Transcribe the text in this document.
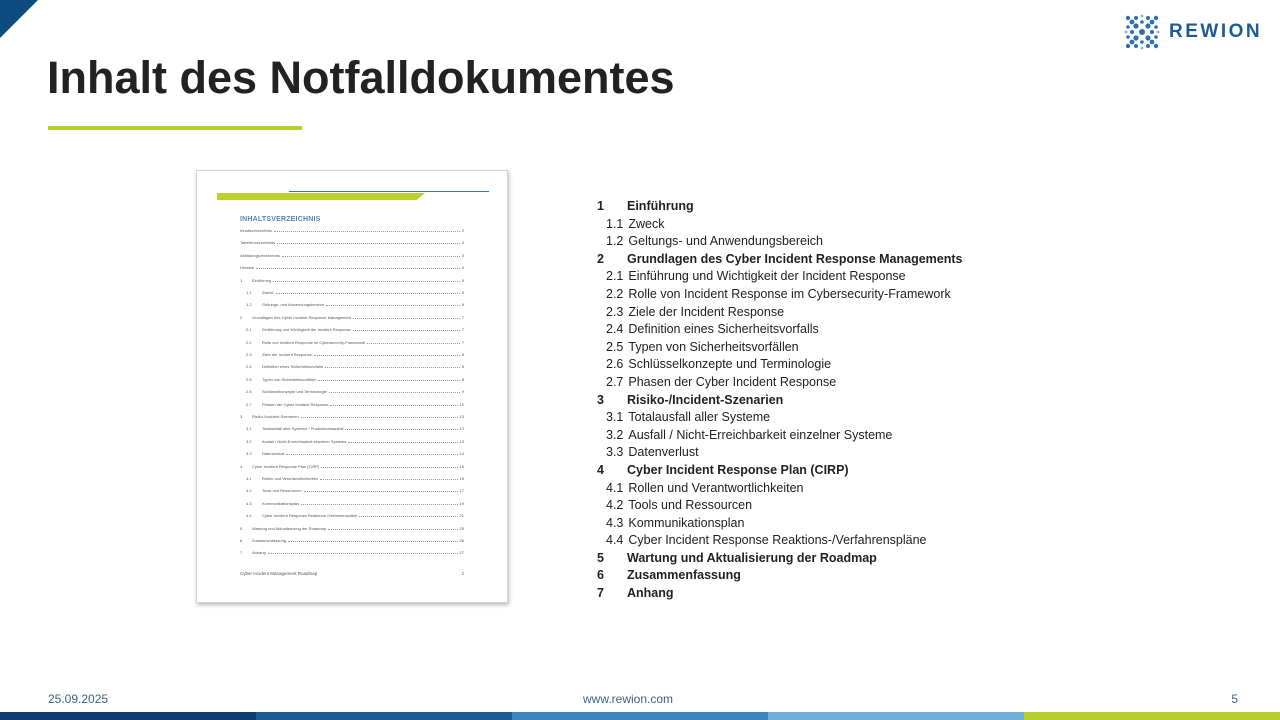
REWION
Inhalt des Notfalldokumentes
INHALTSVERZEICHNIS
Inhaltsverzeichnis	2
Tabellenverzeichnis	3
Abbildungsverzeichnis	3
Hinweis	4
1	Einführung	5
1.1	Zweck	5
1.2	Geltungs- und Anwendungsbereich	6
2	Grundlagen des Cyber Incident Response Management	7
2.1	Einführung und Wichtigkeit der Incident Response	7
2.2	Rolle von Incident Response im Cybersecurity-Framework	7
2.3	Ziele der Incident Response	8
2.4	Definition eines Sicherheitsvorfalls	8
2.5	Typen von Sicherheitsvorfällen	8
2.6	Schlüsselkonzepte und Terminologie	9
2.7	Phasen der Cyber Incident Response	10
3	Risiko-/Incident-Szenarien	13
3.1	Totalausfall aller Systeme / Produktionsausfall	13
3.2	Ausfall / Nicht-Erreichbarkeit einzelner Systeme	13
3.3	Datenverlust	14
4	Cyber Incident Response Plan (CIRP)	15
4.1	Rollen und Verantwortlichkeiten	15
4.2	Tools und Ressourcen	17
4.3	Kommunikationsplan	19
4.4	Cyber Incident Response Reaktions-/Verfahrenspläne	21
5	Wartung und Aktualisierung der Roadmap	25
6	Zusammenfassung	26
7	Anhang	27
Cyber Incident Management Roadmap	2
1 Einführung
1.1 Zweck
1.2 Geltungs- und Anwendungsbereich
2 Grundlagen des Cyber Incident Response Managements
2.1 Einführung und Wichtigkeit der Incident Response
2.2 Rolle von Incident Response im Cybersecurity-Framework
2.3 Ziele der Incident Response
2.4 Definition eines Sicherheitsvorfalls
2.5 Typen von Sicherheitsvorfällen
2.6 Schlüsselkonzepte und Terminologie
2.7 Phasen der Cyber Incident Response
3 Risiko-/Incident-Szenarien
3.1 Totalausfall aller Systeme
3.2 Ausfall / Nicht-Erreichbarkeit einzelner Systeme
3.3 Datenverlust
4 Cyber Incident Response Plan (CIRP)
4.1 Rollen und Verantwortlichkeiten
4.2 Tools und Ressourcen
4.3 Kommunikationsplan
4.4 Cyber Incident Response Reaktions-/Verfahrenspläne
5 Wartung und Aktualisierung der Roadmap
6 Zusammenfassung
7 Anhang
25.09.2025	www.rewion.com	5
